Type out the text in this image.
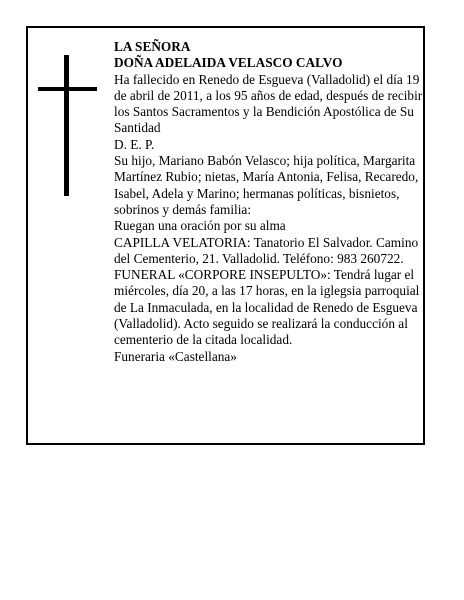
LA SEÑORA

DOÑA ADELAIDA VELASCO CALVO

Ha fallecido en Renedo de Esgueva (Valladolid) el día 19 de abril de 2011, a los 95 años de edad, después de recibir los Santos Sacramentos y la Bendición Apostólica de Su Santidad

D. E. P.

Su hijo, Mariano Babón Velasco; hija política, Margarita Martínez Rubio; nietas, María Antonia, Felisa, Recaredo, Isabel, Adela y Marino; hermanas políticas, bisnietos, sobrinos y demás familia:

Ruegan una oración por su alma

CAPILLA VELATORIA: Tanatorio El Salvador. Camino del Cementerio, 21. Valladolid. Teléfono: 983 260722.

FUNERAL «CORPORE INSEPULTO»: Tendrá lugar el miércoles, día 20, a las 17 horas, en la iglegsia parroquial de La Inmaculada, en la localidad de Renedo de Esgueva (Valladolid). Acto seguido se realizará la conducción al cementerio de la citada localidad.

Funeraria «Castellana»
